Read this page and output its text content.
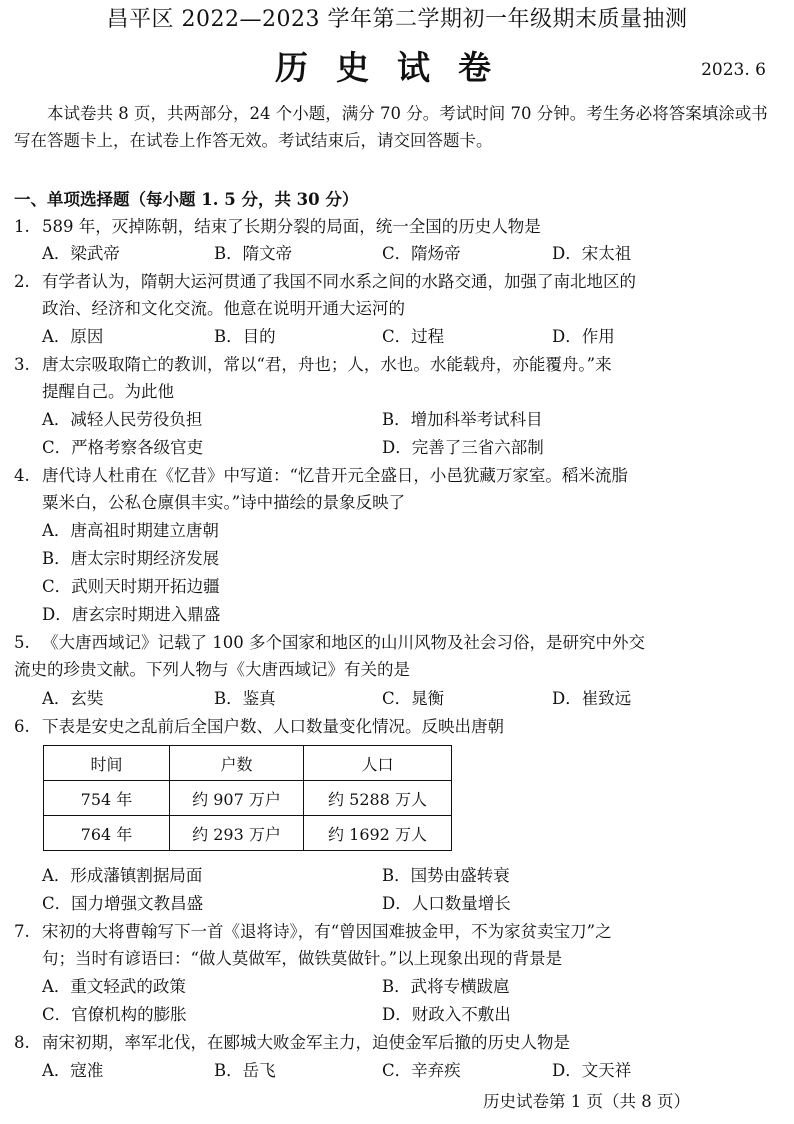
昌平区 2022—2023 学年第二学期初一年级期末质量抽测
历史试卷	2023. 6
本试卷共 8 页，共两部分，24 个小题，满分 70 分。考试时间 70 分钟。考生务必将答案填涂或书写在答题卡上，在试卷上作答无效。考试结束后，请交回答题卡。
一、单项选择题（每小题 1. 5 分，共 30 分）
1. 589 年，灭掉陈朝，结束了长期分裂的局面，统一全国的历史人物是
A．梁武帝	B．隋文帝	C．隋炀帝	D．宋太祖
2. 有学者认为，隋朝大运河贯通了我国不同水系之间的水路交通，加强了南北地区的
政治、经济和文化交流。他意在说明开通大运河的
A．原因	B．目的	C．过程	D．作用
3. 唐太宗吸取隋亡的教训，常以“君，舟也；人，水也。水能载舟，亦能覆舟。”来
提醒自己。为此他
A．减轻人民劳役负担	B．增加科举考试科目
C．严格考察各级官吏	D．完善了三省六部制
4. 唐代诗人杜甫在《忆昔》中写道：“忆昔开元全盛日，小邑犹藏万家室。稻米流脂
粟米白，公私仓廪俱丰实。”诗中描绘的景象反映了
A．唐高祖时期建立唐朝
B．唐太宗时期经济发展
C．武则天时期开拓边疆
D．唐玄宗时期进入鼎盛
5. 《大唐西域记》记载了 100 多个国家和地区的山川风物及社会习俗，是研究中外交
流史的珍贵文献。下列人物与《大唐西域记》有关的是
A．玄奘	B．鉴真	C．晁衡	D．崔致远
6. 下表是安史之乱前后全国户数、人口数量变化情况。反映出唐朝
时间	户数	人口
754 年	约 907 万户	约 5288 万人
764 年	约 293 万户	约 1692 万人
A．形成藩镇割据局面	B．国势由盛转衰
C．国力增强文教昌盛	D．人口数量增长
7. 宋初的大将曹翰写下一首《退将诗》，有“曾因国难披金甲，不为家贫卖宝刀”之
句；当时有谚语曰：“做人莫做军，做铁莫做针。”以上现象出现的背景是
A．重文轻武的政策	B．武将专横跋扈
C．官僚机构的膨胀	D．财政入不敷出
8. 南宋初期，率军北伐，在郾城大败金军主力，迫使金军后撤的历史人物是
A．寇准	B．岳飞	C．辛弃疾	D．文天祥
历史试卷第 1 页（共 8 页）
